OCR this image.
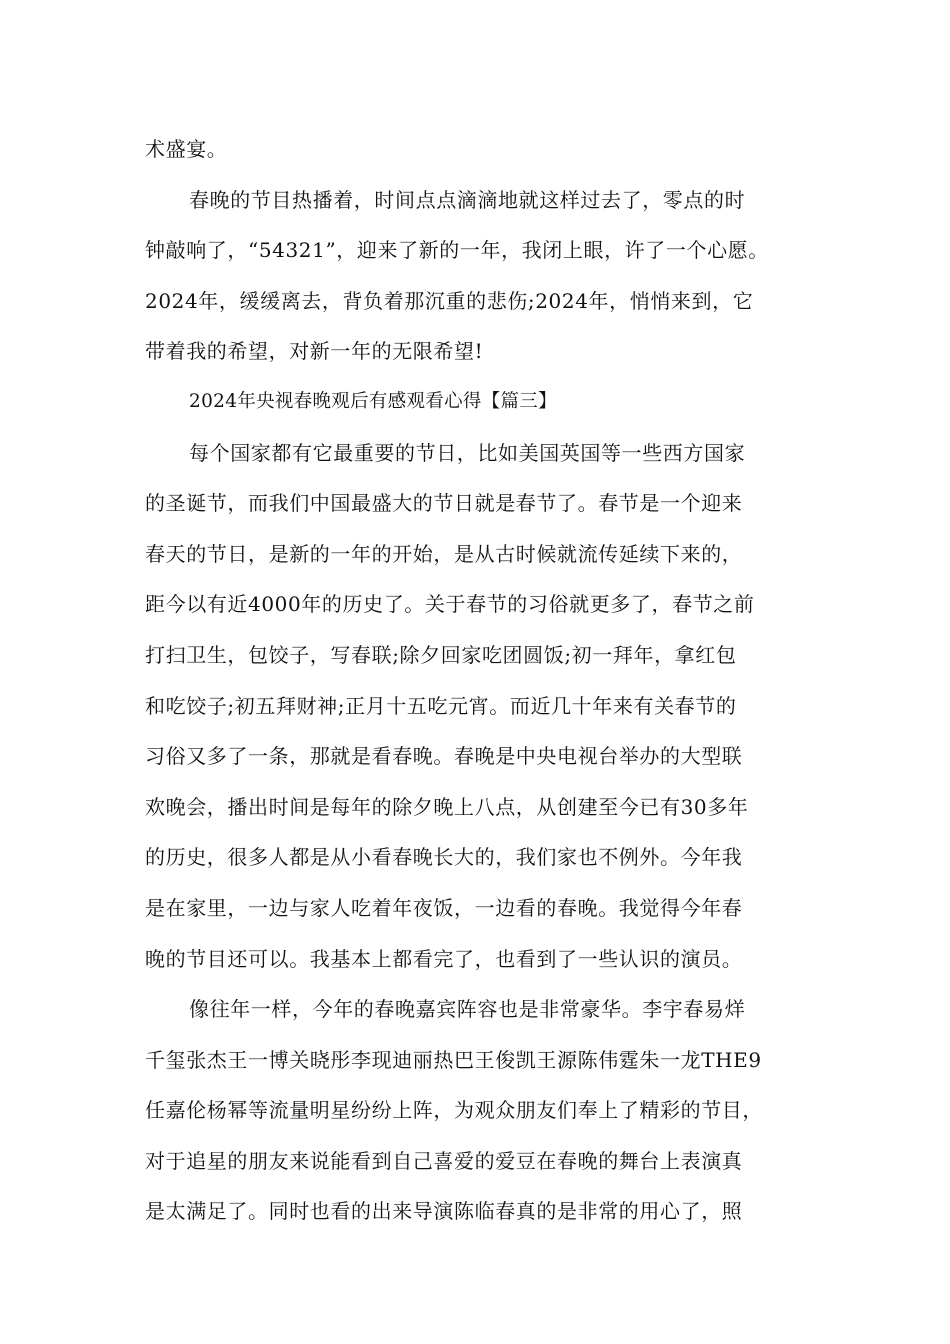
术盛宴。
春晚的节目热播着，时间点点滴滴地就这样过去了，零点的时
钟敲响了，“54321”，迎来了新的一年，我闭上眼，许了一个心愿。
2024年，缓缓离去，背负着那沉重的悲伤;2024年，悄悄来到，它
带着我的希望，对新一年的无限希望!
2024年央视春晚观后有感观看心得【篇三】
每个国家都有它最重要的节日，比如美国英国等一些西方国家
的圣诞节，而我们中国最盛大的节日就是春节了。春节是一个迎来
春天的节日，是新的一年的开始，是从古时候就流传延续下来的，
距今以有近4000年的历史了。关于春节的习俗就更多了，春节之前
打扫卫生，包饺子，写春联;除夕回家吃团圆饭;初一拜年，拿红包
和吃饺子;初五拜财神;正月十五吃元宵。而近几十年来有关春节的
习俗又多了一条，那就是看春晚。春晚是中央电视台举办的大型联
欢晚会，播出时间是每年的除夕晚上八点，从创建至今已有30多年
的历史，很多人都是从小看春晚长大的，我们家也不例外。今年我
是在家里，一边与家人吃着年夜饭，一边看的春晚。我觉得今年春
晚的节目还可以。我基本上都看完了，也看到了一些认识的演员。
像往年一样，今年的春晚嘉宾阵容也是非常豪华。李宇春易烊
千玺张杰王一博关晓彤李现迪丽热巴王俊凯王源陈伟霆朱一龙THE9
任嘉伦杨幂等流量明星纷纷上阵，为观众朋友们奉上了精彩的节目，
对于追星的朋友来说能看到自己喜爱的爱豆在春晚的舞台上表演真
是太满足了。同时也看的出来导演陈临春真的是非常的用心了，照
